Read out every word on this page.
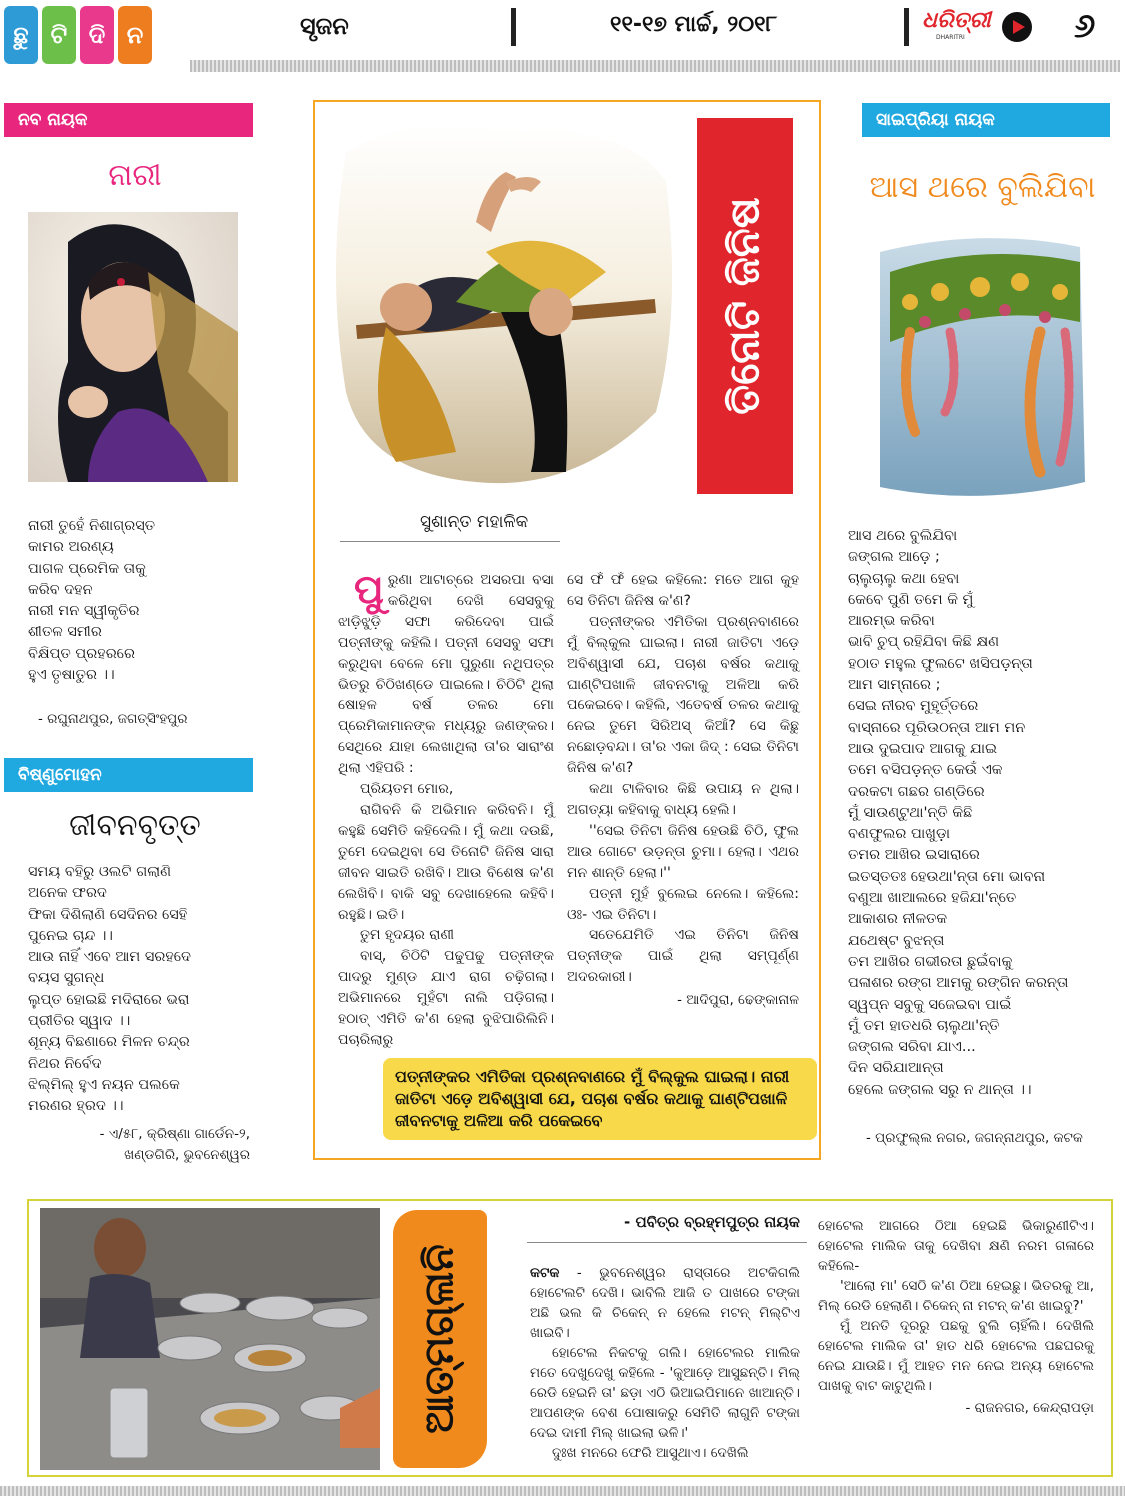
ଛୁ ଟି ଦି ନ	ସୃଜନ	୧୧-୧୭ ମାର୍ଚ୍ଚ, ୨୦୧୮	ଧରିତ୍ରୀ
DHARITRI	୬
ନବ ନାୟକ
ନାରୀ
ନାରୀ ତୁହେଁ ନିଶାଗ୍ରସ୍ତ
କାମର ଅରଣ୍ୟ
ପାଗଳ ପ୍ରେମିକ ତାକୁ
କରିବ ଦହନ
ନାରୀ ମନ ସ୍ୱୀକୃତିର
ଶୀତଳ ସମୀର
ବିକ୍ଷିପ୍ତ ପ୍ରହରରେ
ହୁଏ ତୃଷାତୁର ।।
- ରଘୁନାଥପୁର, ଜଗତ୍‌ସିଂହପୁର
ବିଷ୍ଣୁମୋହନ
ଜୀବନବୃତ୍ତ
ସମୟ ବହିରୁ ଓଲଟି ଗଲାଣି
ଅନେକ ଫରଦ
ଫିକା ଦିଶିଲାଣି ସେଦିନର ସେହି
ପୁନେଇ ଚାନ୍ଦ ।।
ଆଉ ନାହିଁ ଏବେ ଆମ ସରହଦେ
ବୟସ ସୁଗନ୍ଧ
ଲୁପ୍ତ ହୋଇଛି ମଦିରାରେ ଭରା
ପ୍ରୀତିର ସ୍ୱାଦ ।।
ଶୂନ୍ୟ ବିଛଣାରେ ମିଳନ ଚନ୍ଦ୍ର
ନିଥର ନିର୍ବେଦ
ଝିଲ୍‌ମିଲ୍ ହୁଏ ନୟନ ପଲକେ
ମରଣର ହ୍ରଦ ।।
- ଏ/୫୮, କ୍ରିଷ୍ଣା ଗାର୍ଡେନ-୨,
ଖଣ୍ଡଗିରି, ଭୁବନେଶ୍ୱର
ତିନୋଟି ଜିନିଷ
ସୁଶାନ୍ତ ମହାଳିକ

ପୁରୁଣା ଆଟାଚ୍ରେ ଅସରପା ବସା କରିଥିବା ଦେଖି ସେସବୁକୁ ଝାଡ଼ିଝୁଡ଼ି ସଫା କରିଦେବା ପାଇଁ ପତ୍ନୀଙ୍କୁ କହିଲି। ପତ୍ନୀ ସେସବୁ ସଫା କରୁଥିବା ବେଳେ ମୋ ପୁରୁଣା ନଥିପତ୍ର ଭିତରୁ ଚିଠିଖଣ୍ଡେ ପାଇଲେ। ଚିଠିଟି ଥିଲା ଷୋହଳ ବର୍ଷ ତଳର ମୋ ପ୍ରେମିକାମାନଙ୍କ ମଧ୍ୟରୁ ଜଣଙ୍କର। ସେଥିରେ ଯାହା ଲେଖାଥିଲା ତା'ର ସାରାଂଶ ଥିଲା ଏହିପରି :

ପ୍ରିୟତମ ମୋର,

ରାଗିବନି କି ଅଭିମାନ କରିବନି। ମୁଁ କହୁଛି ସେମିତି କହିଦେଲି। ମୁଁ କଥା ଦଉଛି, ତୁମେ ଦେଇଥିବା ସେ ତିନୋଟି ଜିନିଷ ସାରା ଜୀବନ ସାଇତି ରଖିବି। ଆଉ ବିଶେଷ କ'ଣ ଲେଖିବି। ବାକି ସବୁ ଦେଖାହେଲେ କହିବି। ରହୁଛି। ଇତି।

ତୁମ ହୃଦୟର ରାଣୀ

ବାସ୍, ଚିଠିଟି ପଢୁପଢୁ ପତ୍ନୀଙ୍କ ପାଦରୁ ମୁଣ୍ଡ ଯାଏ ରାଗ ଚଢ଼ିଗଲା। ଅଭିମାନରେ ମୁହଁଟା ନାଲି ପଡ଼ିଗଲା। ହଠାତ୍ ଏମିତି କ'ଣ ହେଲା ବୁଝିପାରିଲିନି। ପଚାରିଲାରୁ

ସେ ଫଁ ଫଁ ହେଇ କହିଲେ: ମତେ ଆଗ କୁହ ସେ ତିନିଟା ଜିନିଷ କ'ଣ?

ପତ୍ନୀଙ୍କର ଏମିତିକା ପ୍ରଶ୍ନବାଣରେ ମୁଁ ବିଲ୍‌କୁଲ ଘାଇଲା। ନାରୀ ଜାତିଟା ଏଡ଼େ ଅବିଶ୍ୱାସୀ ଯେ, ପଚାଶ ବର୍ଷର କଥାକୁ ଘାଣ୍ଟିପଖାଳି ଜୀବନଟାକୁ ଅଳିଆ କରି ପକେଇବେ। କହିଲି, ଏତେବର୍ଷ ତଳର କଥାକୁ ନେଇ ତୁମେ ସିରିଅସ୍ କିଆଁ? ସେ କିଛୁ ନଛୋଡ଼ବନ୍ଦା। ତା'ର ଏକା ଜିଦ୍ : ସେଇ ତିନିଟା ଜିନିଷ କ'ଣ?

କଥା ଟାଳିବାର କିଛି ଉପାୟ ନ ଥିଲା। ଅଗତ୍ୟା କହିବାକୁ ବାଧ୍ୟ ହେଲି।

''ସେଇ ତିନିଟା ଜିନିଷ ହେଉଛି ଚିଠି, ଫୁଲ ଆଉ ଗୋଟେ ଉଡ଼ନ୍ତା ଚୁମା। ହେଲା। ଏଥର ମନ ଶାନ୍ତି ହେଲା।''

ପତ୍ନୀ ମୁହଁ ବୁଲେଇ ନେଲେ। କହିଲେ: ଓଃ- ଏଇ ତିନିଟା।

ସତେଯେମିତି ଏଇ ତିନିଟା ଜିନିଷ ପତ୍ନୀଙ୍କ ପାଇଁ ଥିଲା ସମ୍ପୂର୍ଣ୍ଣ ଅଦରକାରୀ।

- ଆଦିପୁରା, ଢେଙ୍କାନାଳ

ପତ୍ନୀଙ୍କର ଏମିତିକା ପ୍ରଶ୍ନବାଣରେ ମୁଁ ବିଲ୍‌କୁଲ ଘାଇଲା। ନାରୀ ଜାତିଟା ଏଡ଼େ ଅବିଶ୍ୱାସୀ ଯେ, ପଚାଶ ବର୍ଷର କଥାକୁ ଘାଣ୍ଟିପଖାଳି ଜୀବନଟାକୁ ଅଳିଆ କରି ପକେଇବେ
ସାଇପ୍ରିୟା ନାୟକ
ଆସ ଥରେ ବୁଲିଯିବା
ଆସ ଥରେ ବୁଲିଯିବା
ଜଙ୍ଗଲ ଆଡ଼େ ;
ଚାଲୁଚାଲୁ କଥା ହେବା
କେବେ ପୁଣି ତମେ କି ମୁଁ
ଆରମ୍ଭ କରିବା
ଭାବି ଚୁପ୍ ରହିଯିବା କିଛି କ୍ଷଣ
ହଠାତ ମହୁଲ ଫୁଲଟେ ଖସିପଡ଼ନ୍ତା
ଆମ ସାମ୍ନାରେ ;
ସେଇ ନୀରବ ମୁହୂର୍ତ୍ତରେ
ବାସ୍ନାରେ ପୂରିଉଠନ୍ତା ଆମ ମନ
ଆଉ ଦୁଇପାଦ ଆଗକୁ ଯାଇ
ତମେ ବସିପଡ଼ନ୍ତ କେଉଁ ଏକ
ଦରକଟା ଗଛର ଗଣ୍ଡିରେ
ମୁଁ ସାଉଣ୍ଟୁଥା'ନ୍ତି କିଛି
ବଣଫୁଲର ପାଖୁଡ଼ା
ତମର ଆଖିର ଇସାରାରେ
ଇତସ୍ତତଃ ହେଉଥା'ନ୍ତା ମୋ ଭାବନା
ବଣୁଆ ଖାଆଲରେ ହଜିଯା'ନ୍ତେ
ଆକାଶର ନୀଳତକ
ଯଥେଷ୍ଟ ବୁଝନ୍ତା
ତମ ଆଖିର ଗଭୀରତା ଛୁଇଁବାକୁ
ପଳାଶର ରଙ୍ଗ ଆମକୁ ରଙ୍ଗିନ କରନ୍ତା
ସ୍ୱପ୍ନ ସବୁକୁ ସଜେଇବା ପାଇଁ
ମୁଁ ତମ ହାତଧରି ଚାଲୁଥା'ନ୍ତି
ଜଙ୍ଗଲ ସରିବା ଯାଏ...
ଦିନ ସରିଯାଆନ୍ତା
ହେଲେ ଜଙ୍ଗଲ ସରୁ ନ ଥାନ୍ତା ।।
- ପ୍ରଫୁଲ୍ଲ ନଗର, ଜଗନ୍ନାଥପୁର, କଟକ
ଆତ୍ମଗ୍ଳାନି
- ପବିତ୍ର ବ୍ରହ୍ମପୁତ୍ର ନାୟକ

କଟକ - ଭୁବନେଶ୍ୱର ରାସ୍ତାରେ ଅଟକିଗଲି ହୋଟେଲଟି ଦେଖି। ଭାବିଲି ଆଜି ତ ପାଖରେ ଟଙ୍କା ଅଛି ଭଲ କି ଚିକେନ୍ ନ ହେଲେ ମଟନ୍ ମିଲ୍‌ଟିଏ ଖାଇବି।

ହୋଟେଲ ନିକଟକୁ ଗଲି। ହୋଟେଲର ମାଲିକ ମତେ ଦେଖୁଦେଖୁ କହିଲେ - 'କୁଆଡ଼େ ଆସୁଛନ୍ତି। ମିଲ୍ ରେଡି ହେଇନି ତା' ଛଡ଼ା ଏଠି ଭିଆଇପିମାନେ ଖାଆନ୍ତି। ଆପଣଙ୍କ ବେଶ ପୋଷାକରୁ ସେମିତି ଲାଗୁନି ଟଙ୍କା ଦେଇ ଦାମୀ ମିଲ୍ ଖାଇଲା ଭଳି।'

ଦୁଃଖ ମନରେ ଫେରି ଆସୁଥାଏ। ଦେଖିଲି

ହୋଟେଲ ଆଗରେ ଠିଆ ହେଇଛି ଭିକାରୁଣୀଟିଏ। ହୋଟେଲ ମାଲିକ ତାକୁ ଦେଖିବା କ୍ଷଣି ନରମ ଗଳାରେ କହିଲେ-

'ଆଲୋ ମା' ସେଠି କ'ଣ ଠିଆ ହେଇଛୁ। ଭିତରକୁ ଆ, ମିଲ୍ ରେଡି ହେଲାଣି। ଚିକେନ୍ ନା ମଟନ୍ କ'ଣ ଖାଇବୁ?'

ମୁଁ ଅନତି ଦୂରରୁ ପଛକୁ ବୁଲି ଚାହିଁଲି। ଦେଖିଲି ହୋଟେଲ ମାଲିକ ତା' ହାତ ଧରି ହୋଟେଲ ପଛଘରକୁ ନେଇ ଯାଉଛି। ମୁଁ ଆହତ ମନ ନେଇ ଅନ୍ୟ ହୋଟେଲ ପାଖକୁ ବାଟ କାଟୁଥିଲି।

- ରାଜନଗର, କେନ୍ଦ୍ରାପଡ଼ା
